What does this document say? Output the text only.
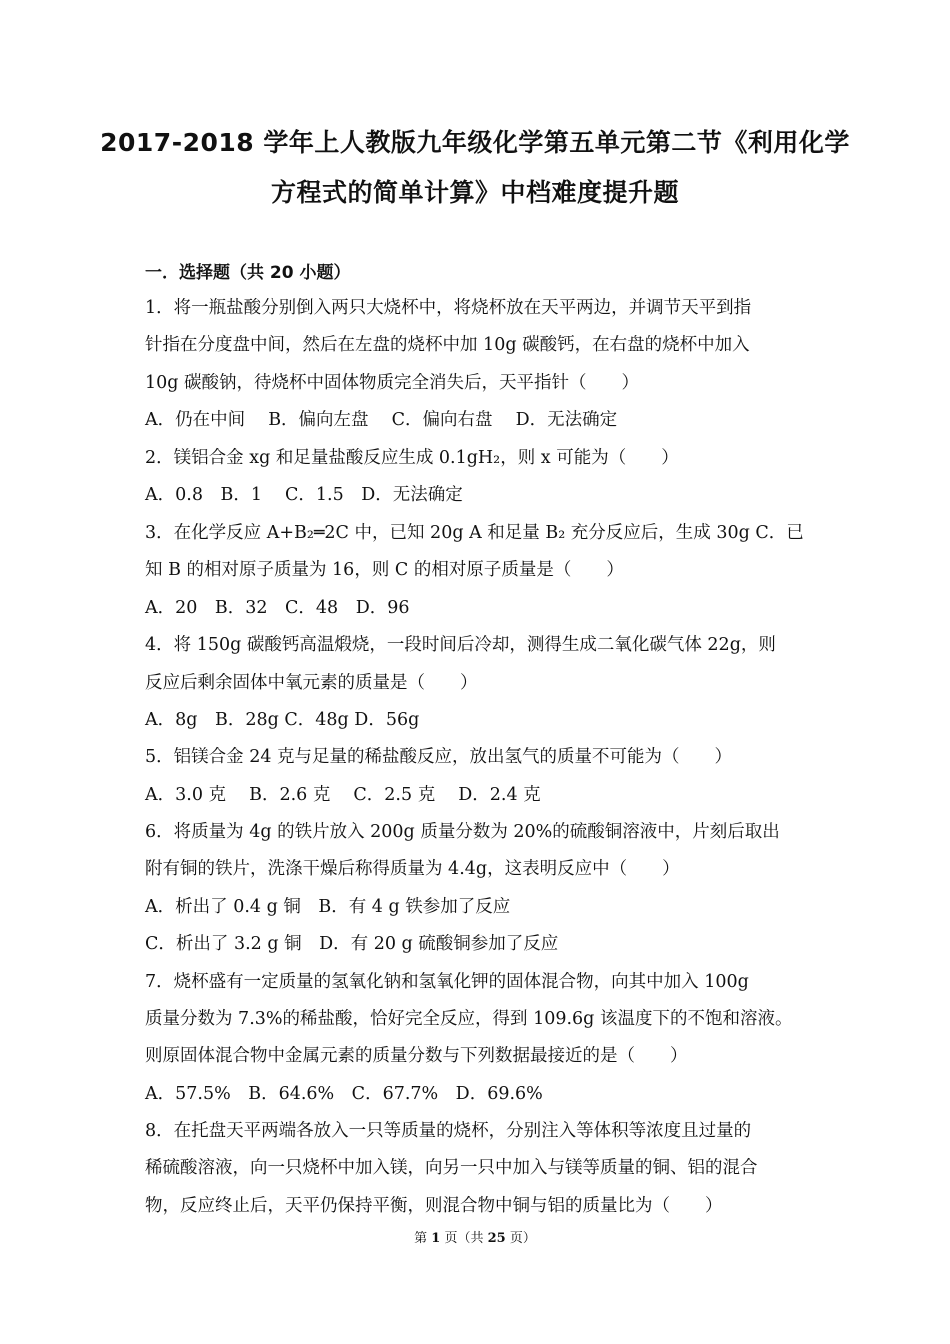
2017-2018 学年上人教版九年级化学第五单元第二节《利用化学
方程式的简单计算》中档难度提升题
一．选择题（共 20 小题）
1．将一瓶盐酸分别倒入两只大烧杯中，将烧杯放在天平两边，并调节天平到指
针指在分度盘中间，然后在左盘的烧杯中加 10g 碳酸钙，在右盘的烧杯中加入
10g 碳酸钠，待烧杯中固体物质完全消失后，天平指针（　　）
A．仍在中间　 B．偏向左盘　 C．偏向右盘　 D．无法确定
2．镁铝合金 xg 和足量盐酸反应生成 0.1gH₂，则 x 可能为（　　）
A．0.8　B．1　 C．1.5　D．无法确定
3．在化学反应 A+B₂═2C 中，已知 20g A 和足量 B₂ 充分反应后，生成 30g C．已
知 B 的相对原子质量为 16，则 C 的相对原子质量是（　　）
A．20　B．32　C．48　D．96
4．将 150g 碳酸钙高温煅烧，一段时间后冷却，测得生成二氧化碳气体 22g，则
反应后剩余固体中氧元素的质量是（　　）
A．8g　B．28g C．48g D．56g
5．铝镁合金 24 克与足量的稀盐酸反应，放出氢气的质量不可能为（　　）
A．3.0 克　 B．2.6 克　 C．2.5 克　 D．2.4 克
6．将质量为 4g 的铁片放入 200g 质量分数为 20%的硫酸铜溶液中，片刻后取出
附有铜的铁片，洗涤干燥后称得质量为 4.4g，这表明反应中（　　）
A．析出了 0.4 g 铜　B．有 4 g 铁参加了反应
C．析出了 3.2 g 铜　D．有 20 g 硫酸铜参加了反应
7．烧杯盛有一定质量的氢氧化钠和氢氧化钾的固体混合物，向其中加入 100g
质量分数为 7.3%的稀盐酸，恰好完全反应，得到 109.6g 该温度下的不饱和溶液。
则原固体混合物中金属元素的质量分数与下列数据最接近的是（　　）
A．57.5%　B．64.6%　C．67.7%　D．69.6%
8．在托盘天平两端各放入一只等质量的烧杯，分别注入等体积等浓度且过量的
稀硫酸溶液，向一只烧杯中加入镁，向另一只中加入与镁等质量的铜、铝的混合
物，反应终止后，天平仍保持平衡，则混合物中铜与铝的质量比为（　　）
第 1 页（共 25 页）
